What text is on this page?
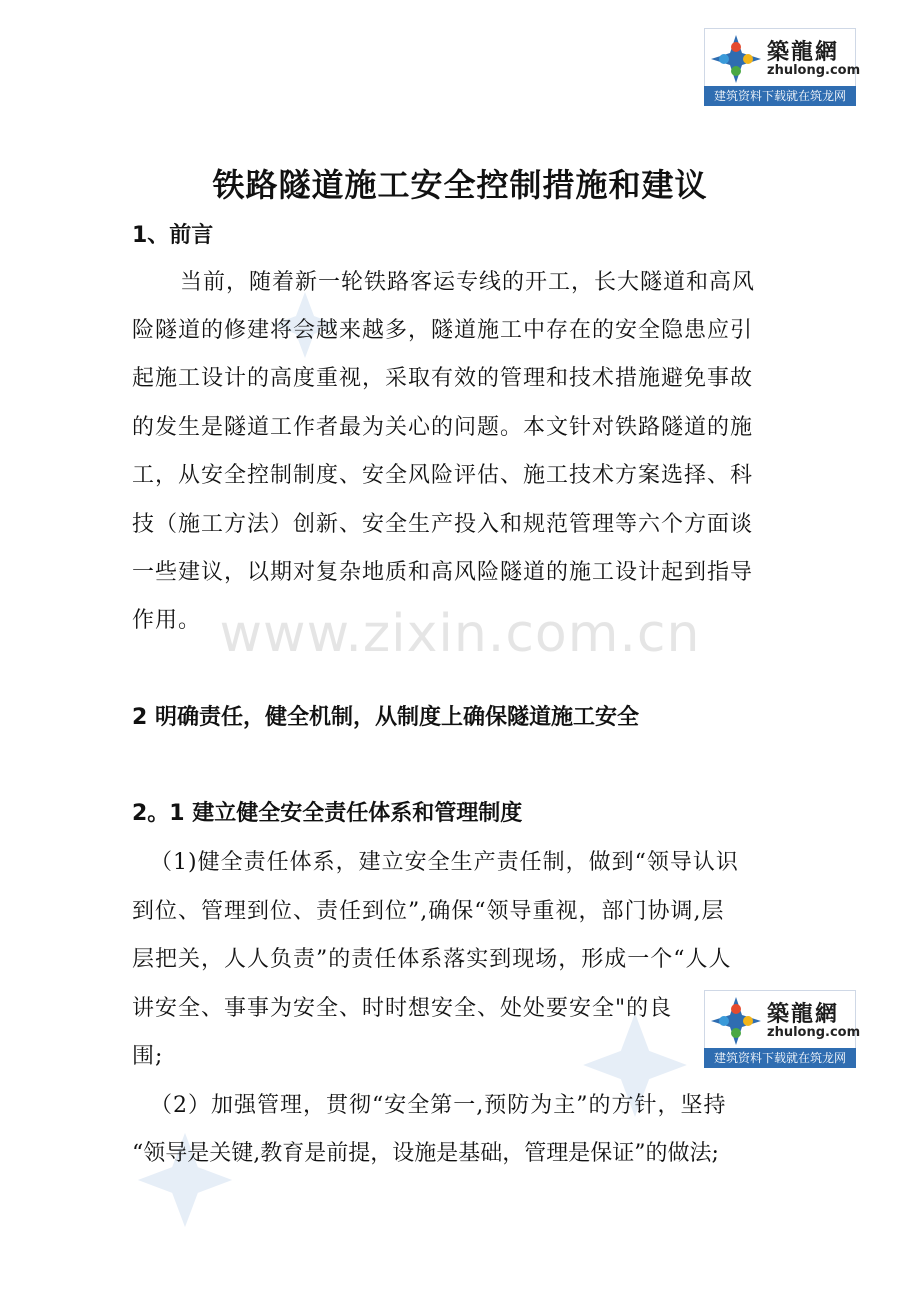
築龍網
zhulong.com
建筑资料下载就在筑龙网
築龍網
zhulong.com
建筑资料下载就在筑龙网
www.zixin.com.cn
铁路隧道施工安全控制措施和建议
1、前言
当前，随着新一轮铁路客运专线的开工，长大隧道和高风
险隧道的修建将会越来越多，隧道施工中存在的安全隐患应引
起施工设计的高度重视，采取有效的管理和技术措施避免事故
的发生是隧道工作者最为关心的问题。本文针对铁路隧道的施
工，从安全控制制度、安全风险评估、施工技术方案选择、科
技（施工方法）创新、安全生产投入和规范管理等六个方面谈
一些建议，以期对复杂地质和高风险隧道的施工设计起到指导
作用。
2 明确责任，健全机制，从制度上确保隧道施工安全
2。1 建立健全安全责任体系和管理制度
（1)健全责任体系，建立安全生产责任制，做到“领导认识
到位、管理到位、责任到位”,确保“领导重视，部门协调,层
层把关，人人负责”的责任体系落实到现场，形成一个“人人
讲安全、事事为安全、时时想安全、处处要安全"的良
围;
（2）加强管理，贯彻“安全第一,预防为主”的方针，坚持
“领导是关键,教育是前提，设施是基础，管理是保证”的做法;
